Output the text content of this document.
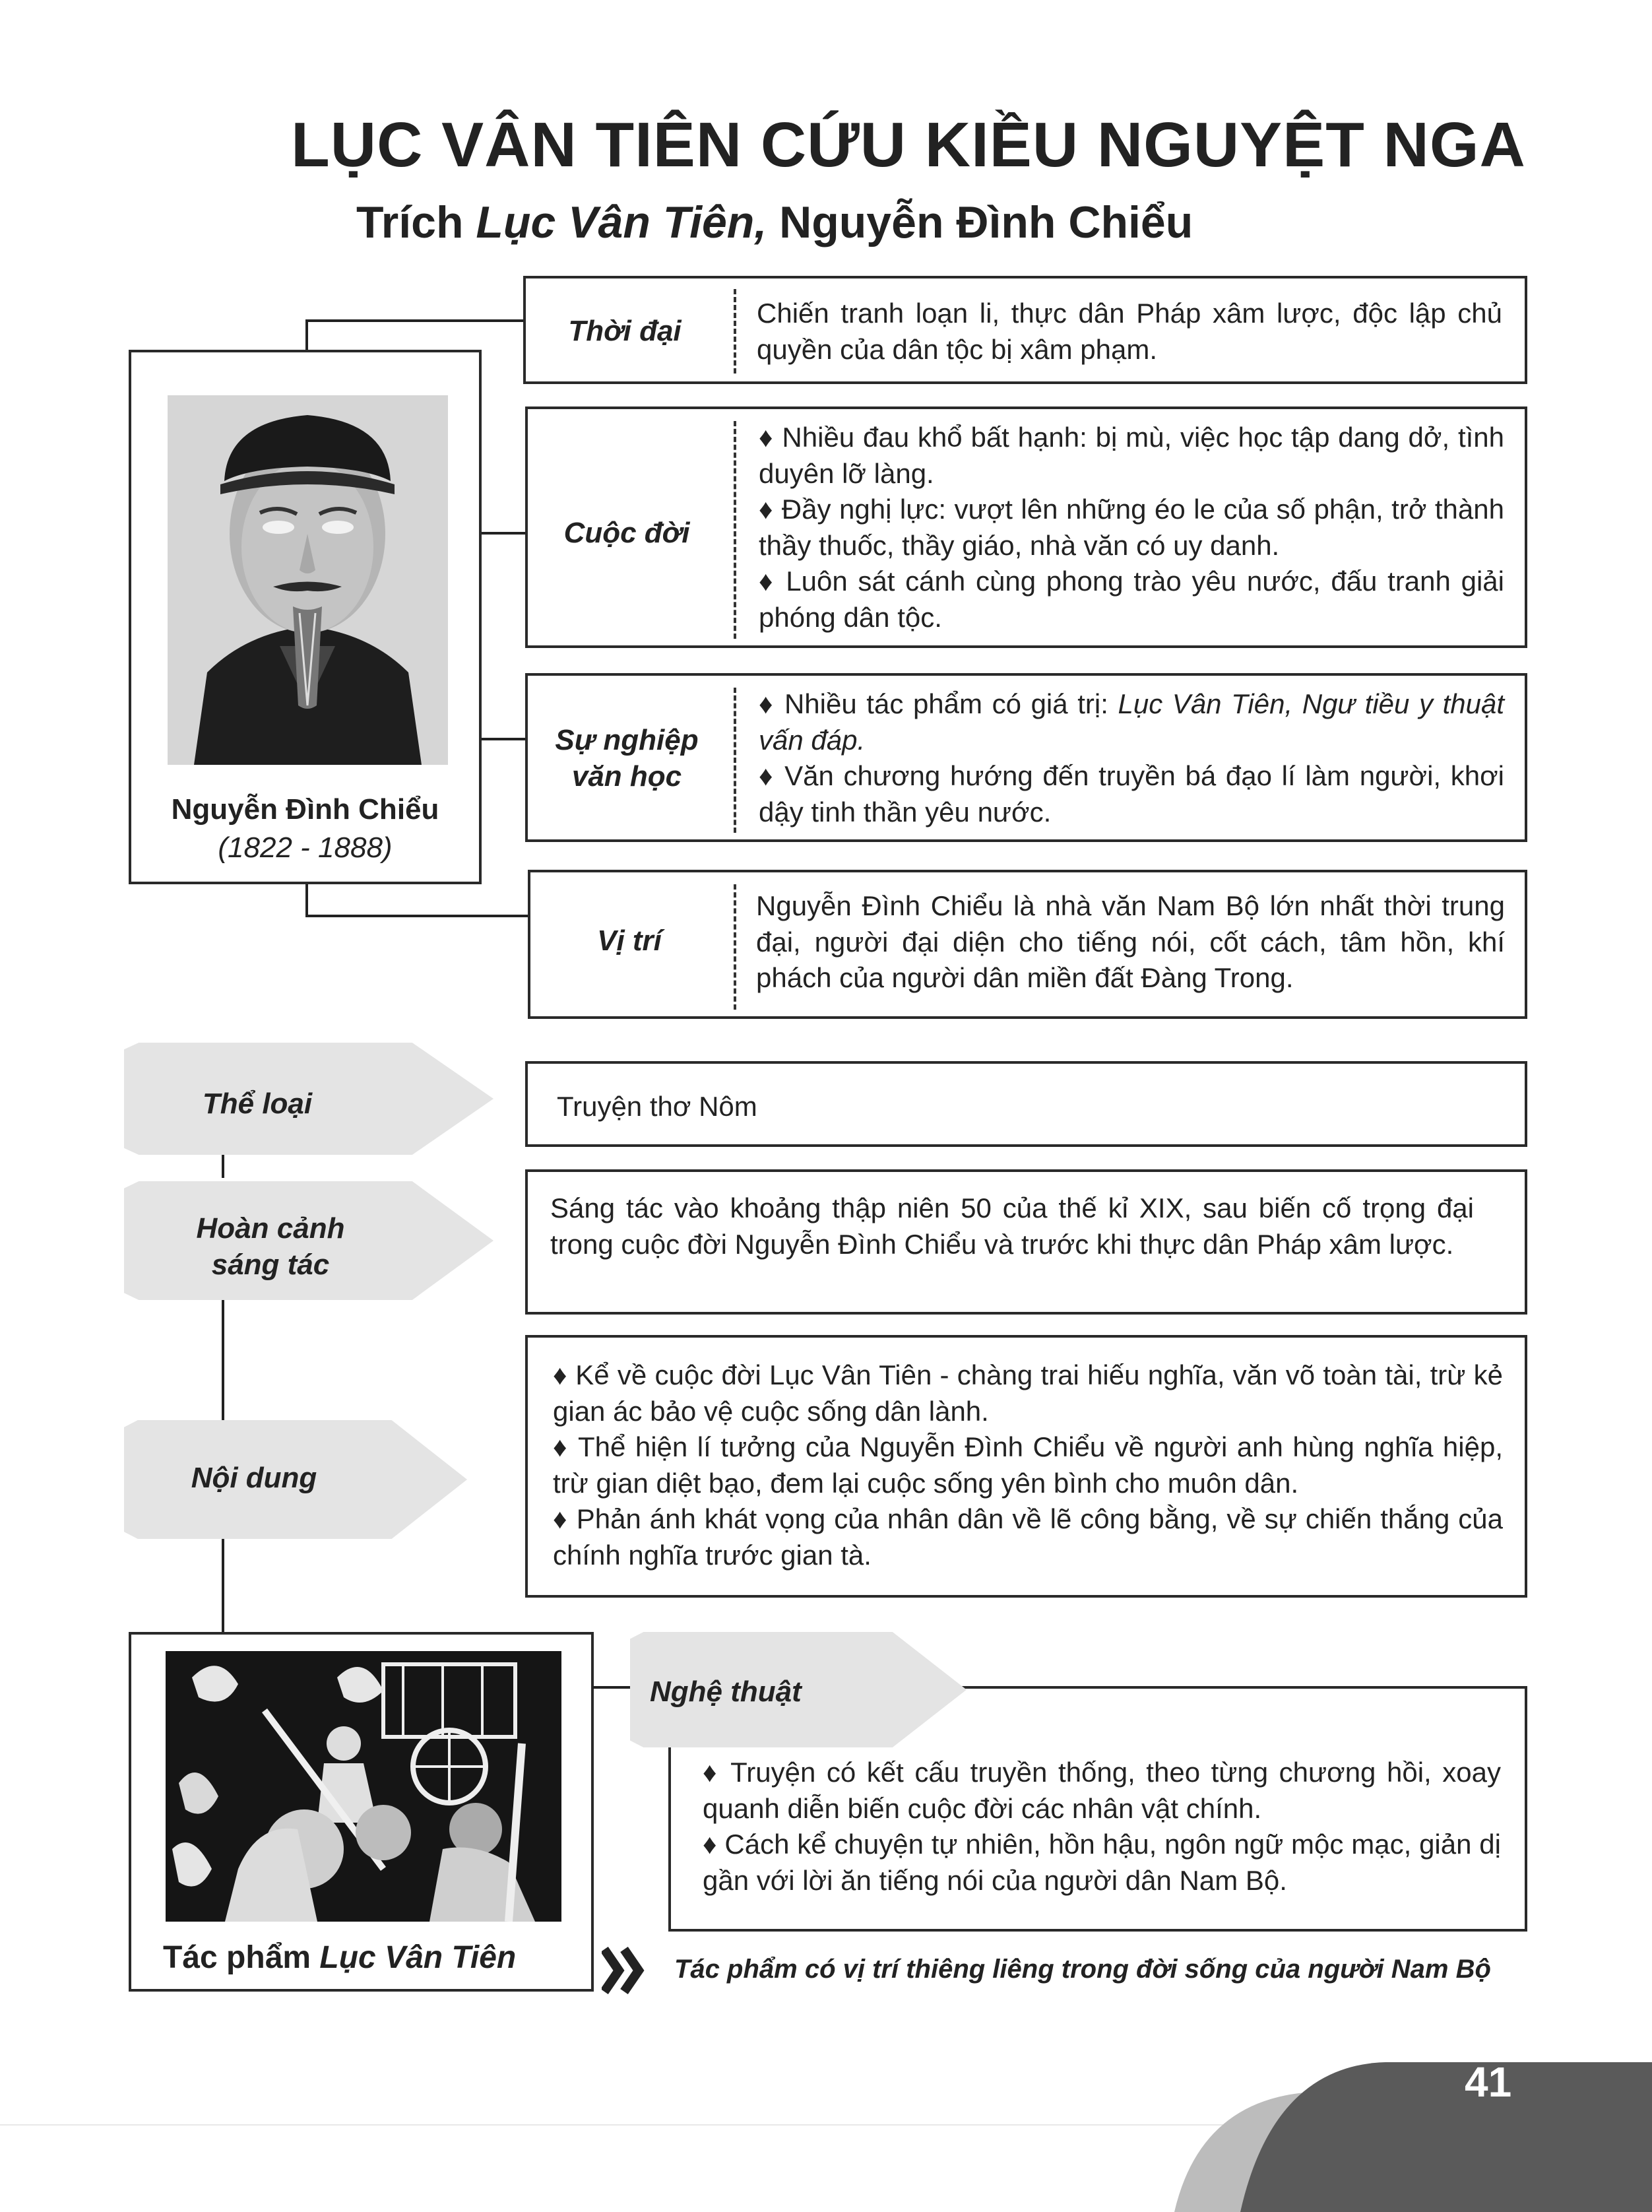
LỤC VÂN TIÊN CỨU KIỀU NGUYỆT NGA
Trích Lục Vân Tiên, Nguyễn Đình Chiểu
Nguyễn Đình Chiểu
(1822 - 1888)
Thời đại
Chiến tranh loạn li, thực dân Pháp xâm lược, độc lập chủ quyền của dân tộc bị xâm phạm.
Cuộc đời

♦ Nhiều đau khổ bất hạnh: bị mù, việc học tập dang dở, tình duyên lỡ làng.

♦ Đầy nghị lực: vượt lên những éo le của số phận, trở thành thầy thuốc, thầy giáo, nhà văn có uy danh.

♦ Luôn sát cánh cùng phong trào yêu nước, đấu tranh giải phóng dân tộc.

Sự nghiệp
văn học

♦ Nhiều tác phẩm có giá trị: Lục Vân Tiên, Ngư tiều y thuật vấn đáp.

♦ Văn chương hướng đến truyền bá đạo lí làm người, khơi dậy tinh thần yêu nước.

Vị trí
Nguyễn Đình Chiểu là nhà văn Nam Bộ lớn nhất thời trung đại, người đại diện cho tiếng nói, cốt cách, tâm hồn, khí phách của người dân miền đất Đàng Trong.
Thể loại	Truyện thơ Nôm
Hoàn cảnh
sáng tác
Sáng tác vào khoảng thập niên 50 của thế kỉ XIX, sau biến cố trọng đại trong cuộc đời Nguyễn Đình Chiểu và trước khi thực dân Pháp xâm lược.
Nội dung

♦ Kể về cuộc đời Lục Vân Tiên - chàng trai hiếu nghĩa, văn võ toàn tài, trừ kẻ gian ác bảo vệ cuộc sống dân lành.

♦ Thể hiện lí tưởng của Nguyễn Đình Chiểu về người anh hùng nghĩa hiệp, trừ gian diệt bạo, đem lại cuộc sống yên bình cho muôn dân.

♦ Phản ánh khát vọng của nhân dân về lẽ công bằng, về sự chiến thắng của chính nghĩa trước gian tà.

Tác phẩm Lục Vân Tiên

♦ Truyện có kết cấu truyền thống, theo từng chương hồi, xoay quanh diễn biến cuộc đời các nhân vật chính.

♦ Cách kể chuyện tự nhiên, hồn hậu, ngôn ngữ mộc mạc, giản dị gần với lời ăn tiếng nói của người dân Nam Bộ.

Nghệ thuật
Tác phẩm có vị trí thiêng liêng trong đời sống của người Nam Bộ
41
